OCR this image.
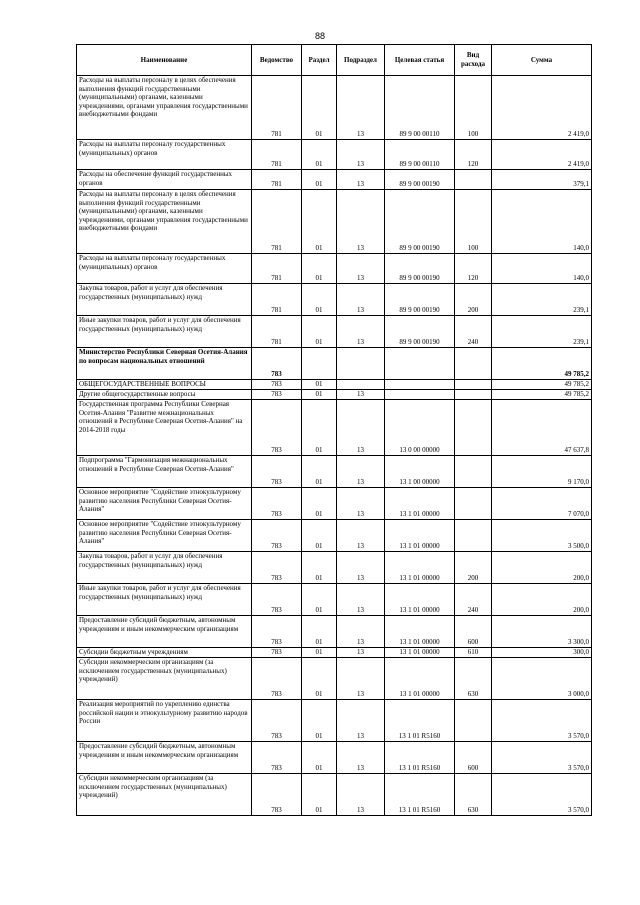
88
Наименование	Ведомство	Раздел	Подраздел	Целевая статья	Вид расхода	Сумма
Расходы на выплаты персоналу в целях обеспечения выполнения функций государственными (муниципальными) органами, казенными учреждениями, органами управления государственными внебюджетными фондами	781	01	13	89 9 00 00110	100	2 419,0
Расходы на выплаты персоналу государственных (муниципальных) органов	781	01	13	89 9 00 00110	120	2 419,0
Расходы на обеспечение функций государственных органов	781	01	13	89 9 00 00190		379,1
Расходы на выплаты персоналу в целях обеспечения выполнения функций государственными (муниципальными) органами, казенными учреждениями, органами управления государственными внебюджетными фондами	781	01	13	89 9 00 00190	100	140,0
Расходы на выплаты персоналу государственных (муниципальных) органов	781	01	13	89 9 00 00190	120	140,0
Закупка товаров, работ и услуг для обеспечения государственных (муниципальных) нужд	781	01	13	89 9 00 00190	200	239,1
Иные закупки товаров, работ и услуг для обеспечения государственных (муниципальных) нужд	781	01	13	89 9 00 00190	240	239,1
Министерство Республики Северная Осетия-Алания по вопросам национальных отношений	783					49 785,2
ОБЩЕГОСУДАРСТВЕННЫЕ ВОПРОСЫ	783	01				49 785,2
Другие общегосударственные вопросы	783	01	13			49 785,2
Государственная программа Республики Северная Осетия-Алания "Развитие межнациональных отношений в Республике Северная Осетия-Алания" на 2014-2018 годы	783	01	13	13 0 00 00000		47 637,8
Подпрограмма "Гармонизация межнациональных отношений в Республике Северная Осетия-Алания"	783	01	13	13 1 00 00000		9 170,0
Основное мероприятие "Содействие этнокультурному развитию населения Республики Северная Осетия-Алания"	783	01	13	13 1 01 00000		7 070,0
Основное мероприятие "Содействие этнокультурному развитию населения Республики Северная Осетия-Алания"	783	01	13	13 1 01 00000		3 500,0
Закупка товаров, работ и услуг для обеспечения государственных (муниципальных) нужд	783	01	13	13 1 01 00000	200	200,0
Иные закупки товаров, работ и услуг для обеспечения государственных (муниципальных) нужд	783	01	13	13 1 01 00000	240	200,0
Предоставление субсидий бюджетным, автономным учреждениям и иным некоммерческим организациям	783	01	13	13 1 01 00000	600	3 300,0
Субсидии бюджетным учреждениям	783	01	13	13 1 01 00000	610	300,0
Субсидии некоммерческим организациям (за исключением государственных (муниципальных) учреждений)	783	01	13	13 1 01 00000	630	3 000,0
Реализация мероприятий по укреплению единства российской нации и этнокультурному развитию народов России	783	01	13	13 1 01 R5160		3 570,0
Предоставление субсидий бюджетным, автономным учреждениям и иным некоммерческим организациям	783	01	13	13 1 01 R5160	600	3 570,0
Субсидии некоммерческим организациям (за исключением государственных (муниципальных) учреждений)	783	01	13	13 1 01 R5160	630	3 570,0
